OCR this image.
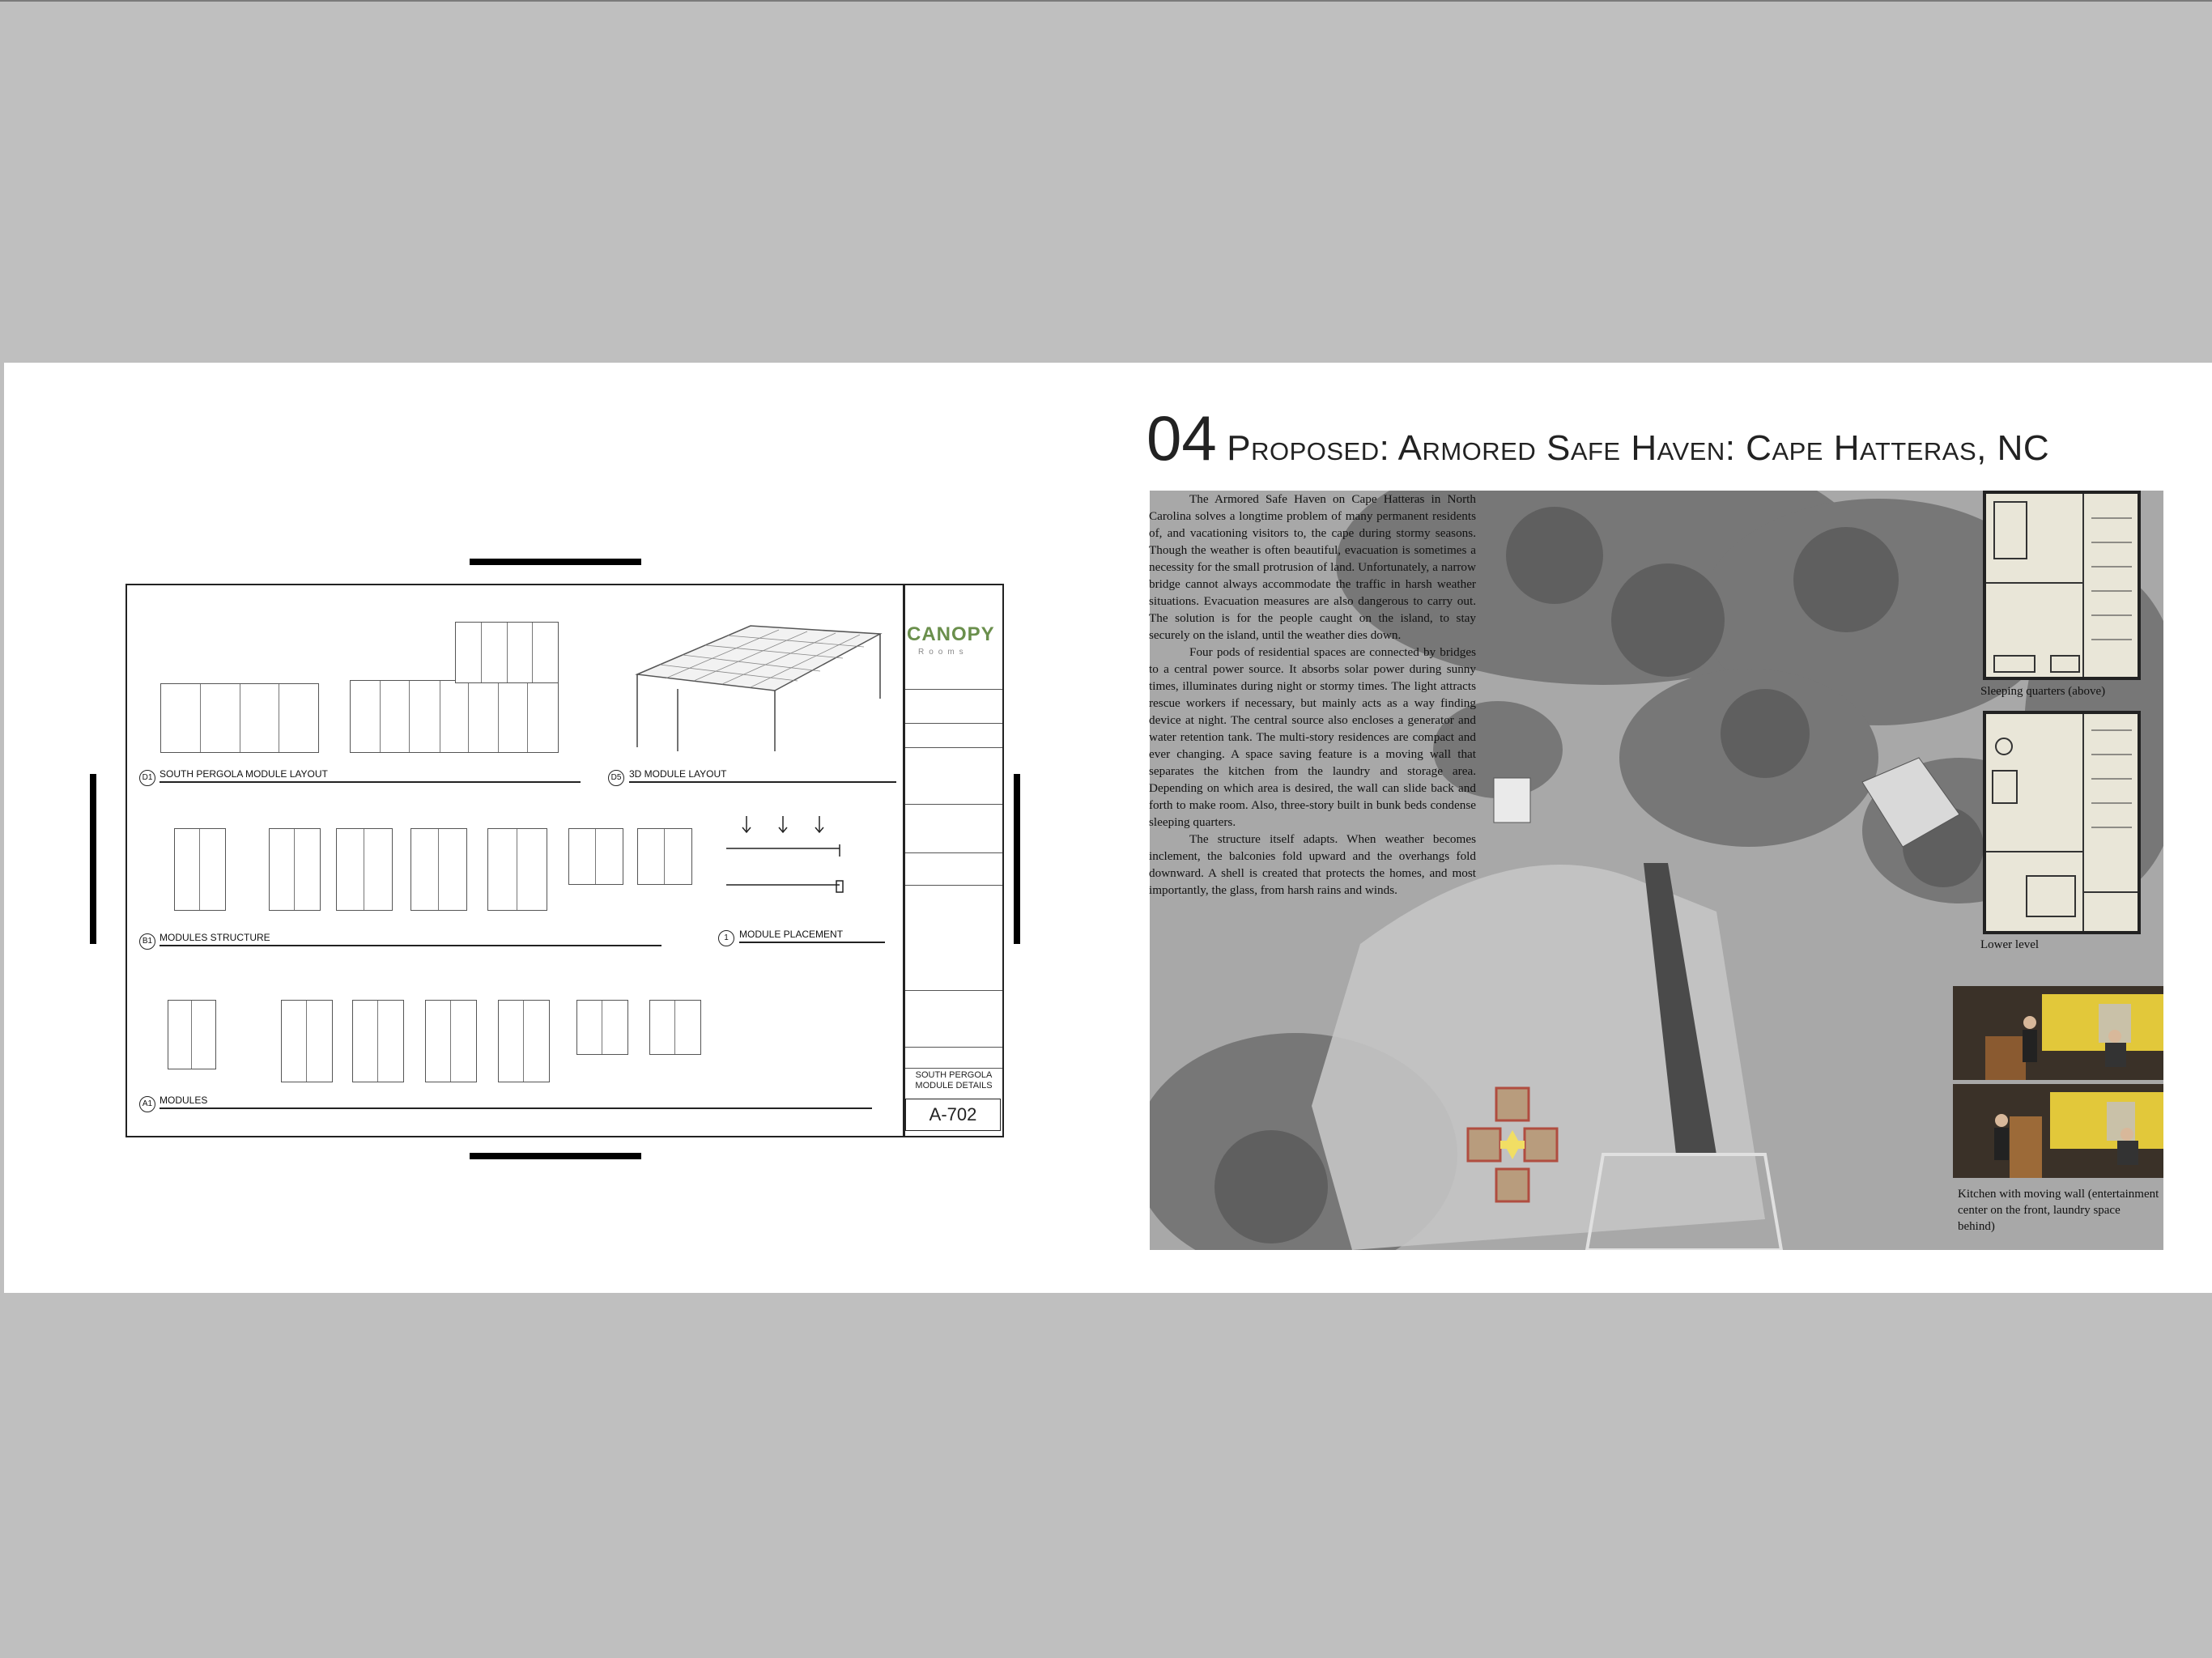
D1 SOUTH PERGOLA MODULE LAYOUT	D5 3D MODULE LAYOUT
B1 MODULES STRUCTURE	1	MODULE PLACEMENT
A1 MODULES
CANOPY
Rooms
SOUTH PERGOLA
MODULE DETAILS
A-702
04 Proposed: Armored Safe Haven: Cape Hatteras, NC

The Armored Safe Haven on Cape Hatteras in North Carolina solves a longtime problem of many permanent residents of, and vacationing visitors to, the cape during stormy seasons. Though the weather is often beautiful, evacuation is sometimes a necessity for the small protrusion of land. Unfortunately, a narrow bridge cannot always accommodate the traffic in harsh weather situations. Evacuation measures are also dangerous to carry out. The solution is for the people caught on the island, to stay securely on the island, until the weather dies down.

Four pods of residential spaces are connected by bridges to a central power source. It absorbs solar power during sunny times, illuminates during night or stormy times. The light attracts rescue workers if necessary, but mainly acts as a way finding device at night. The central source also encloses a generator and water retention tank. The multi-story residences are compact and ever changing. A space saving feature is a moving wall that separates the kitchen from the laundry and storage area. Depending on which area is desired, the wall can slide back and forth to make room. Also, three-story built in bunk beds condense sleeping quarters.

The structure itself adapts. When weather becomes inclement, the balconies fold upward and the overhangs fold downward. A shell is created that protects the homes, and most importantly, the glass, from harsh rains and winds.

Sleeping quarters (above)
Lower level
Kitchen with moving wall (entertainment center on the front, laundry space behind)
